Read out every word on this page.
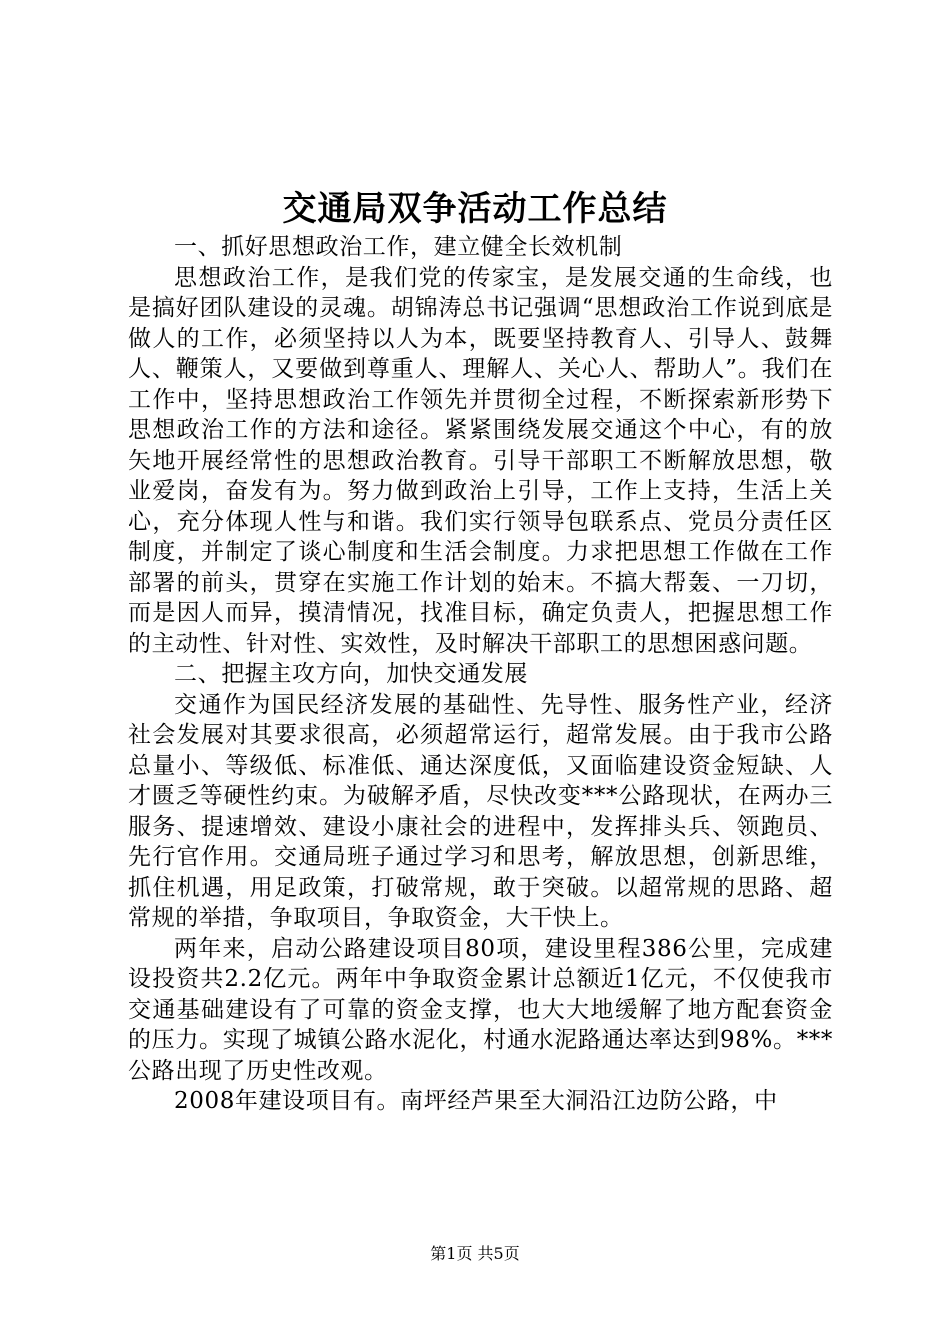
交通局双争活动工作总结

一、抓好思想政治工作，建立健全长效机制

思想政治工作，是我们党的传家宝，是发展交通的生命线，也是搞好团队建设的灵魂。胡锦涛总书记强调“思想政治工作说到底是做人的工作，必须坚持以人为本，既要坚持教育人、引导人、鼓舞人、鞭策人，又要做到尊重人、理解人、关心人、帮助人”。我们在工作中，坚持思想政治工作领先并贯彻全过程，不断探索新形势下思想政治工作的方法和途径。紧紧围绕发展交通这个中心，有的放矢地开展经常性的思想政治教育。引导干部职工不断解放思想，敬业爱岗，奋发有为。努力做到政治上引导，工作上支持，生活上关心，充分体现人性与和谐。我们实行领导包联系点、党员分责任区制度，并制定了谈心制度和生活会制度。力求把思想工作做在工作部署的前头，贯穿在实施工作计划的始末。不搞大帮轰、一刀切，而是因人而异，摸清情况，找准目标，确定负责人，把握思想工作的主动性、针对性、实效性，及时解决干部职工的思想困惑问题。

二、把握主攻方向，加快交通发展

交通作为国民经济发展的基础性、先导性、服务性产业，经济社会发展对其要求很高，必须超常运行，超常发展。由于我市公路总量小、等级低、标准低、通达深度低，又面临建设资金短缺、人才匮乏等硬性约束。为破解矛盾，尽快改变***公路现状，在两办三服务、提速增效、建设小康社会的进程中，发挥排头兵、领跑员、先行官作用。交通局班子通过学习和思考，解放思想，创新思维，抓住机遇，用足政策，打破常规，敢于突破。以超常规的思路、超常规的举措，争取项目，争取资金，大干快上。

两年来，启动公路建设项目80项，建设里程386公里，完成建设投资共2.2亿元。两年中争取资金累计总额近1亿元，不仅使我市交通基础建设有了可靠的资金支撑，也大大地缓解了地方配套资金的压力。实现了城镇公路水泥化，村通水泥路通达率达到98%。***公路出现了历史性改观。

2008年建设项目有。南坪经芦果至大洞沿江边防公路，中

第1页 共5页
